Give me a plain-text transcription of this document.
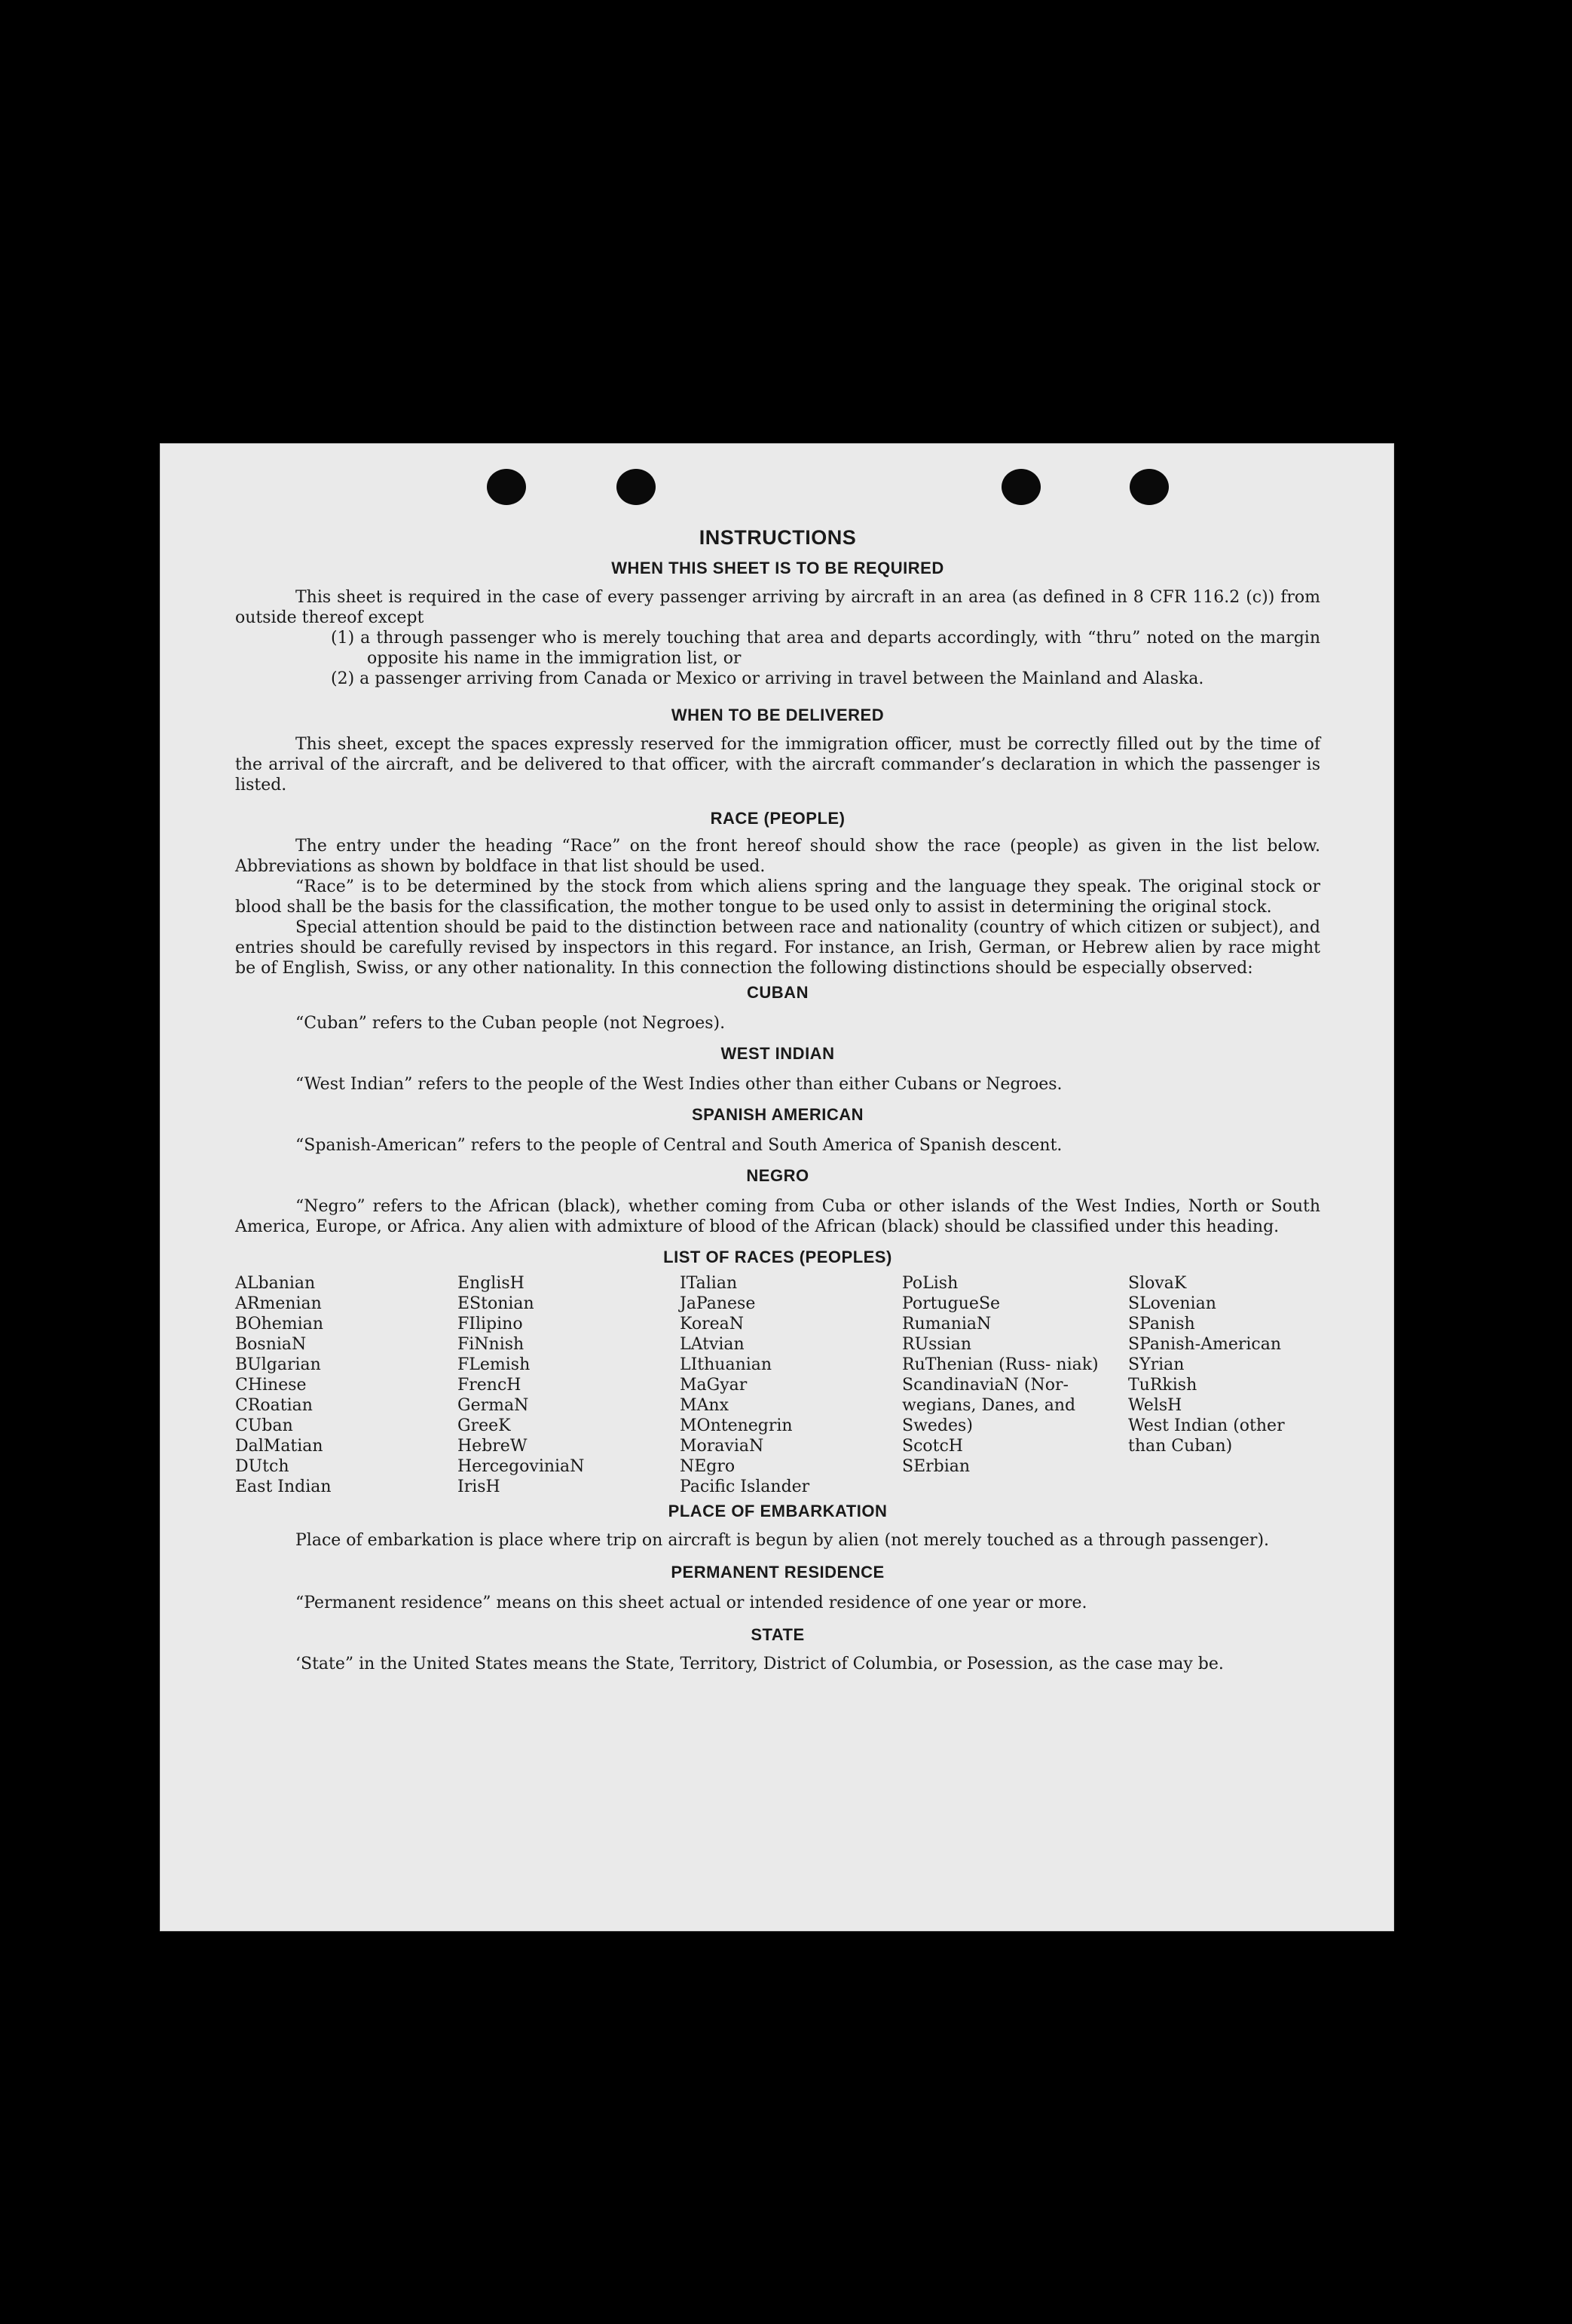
INSTRUCTIONS
WHEN THIS SHEET IS TO BE REQUIRED

This sheet is required in the case of every passenger arriving by aircraft in an area (as defined in 8 CFR 116.2 (c)) from outside thereof except

(1) a through passenger who is merely touching that area and departs accordingly, with “thru” noted on the margin opposite his name in the immigration list, or
(2) a passenger arriving from Canada or Mexico or arriving in travel between the Mainland and Alaska.
WHEN TO BE DELIVERED

This sheet, except the spaces expressly reserved for the immigration officer, must be correctly filled out by the time of the arrival of the aircraft, and be delivered to that officer, with the aircraft commander’s declaration in which the passenger is listed.

RACE (PEOPLE)

The entry under the heading “Race” on the front hereof should show the race (people) as given in the list below. Abbreviations as shown by boldface in that list should be used.

“Race” is to be determined by the stock from which aliens spring and the language they speak. The original stock or blood shall be the basis for the classification, the mother tongue to be used only to assist in determining the original stock.

Special attention should be paid to the distinction between race and nationality (country of which citizen or subject), and entries should be carefully revised by inspectors in this regard. For instance, an Irish, German, or Hebrew alien by race might be of English, Swiss, or any other nationality. In this connection the following distinctions should be especially observed:

CUBAN

“Cuban” refers to the Cuban people (not Negroes).

WEST INDIAN

“West Indian” refers to the people of the West Indies other than either Cubans or Negroes.

SPANISH AMERICAN

“Spanish-American” refers to the people of Central and South America of Spanish descent.

NEGRO

“Negro” refers to the African (black), whether coming from Cuba or other islands of the West Indies, North or South America, Europe, or Africa. Any alien with admixture of blood of the African (black) should be classified under this heading.

LIST OF RACES (PEOPLES)
ALbanian
ARmenian
BOhemian
BosniaN
BUlgarian
CHinese
CRoatian
CUban
DalMatian
DUtch
East Indian
EnglisH
EStonian
FIlipino
FiNnish
FLemish
FrencH
GermaN
GreeK
HebreW
HercegoviniaN
IrisH
ITalian
JaPanese
KoreaN
LAtvian
LIthuanian
MaGyar
MAnx
MOntenegrin
MoraviaN
NEgro
Pacific Islander
PoLish
PortugueSe
RumaniaN
RUssian
RuThenian (Russ- niak)
ScandinaviaN (Nor- wegians, Danes, and Swedes)
ScotcH
SErbian
SlovaK
SLovenian
SPanish
SPanish-American
SYrian
TuRkish
WelsH
West Indian (other than Cuban)
PLACE OF EMBARKATION

Place of embarkation is place where trip on aircraft is begun by alien (not merely touched as a through passenger).

PERMANENT RESIDENCE

“Permanent residence” means on this sheet actual or intended residence of one year or more.

STATE

‘State” in the United States means the State, Territory, District of Columbia, or Posession, as the case may be.
